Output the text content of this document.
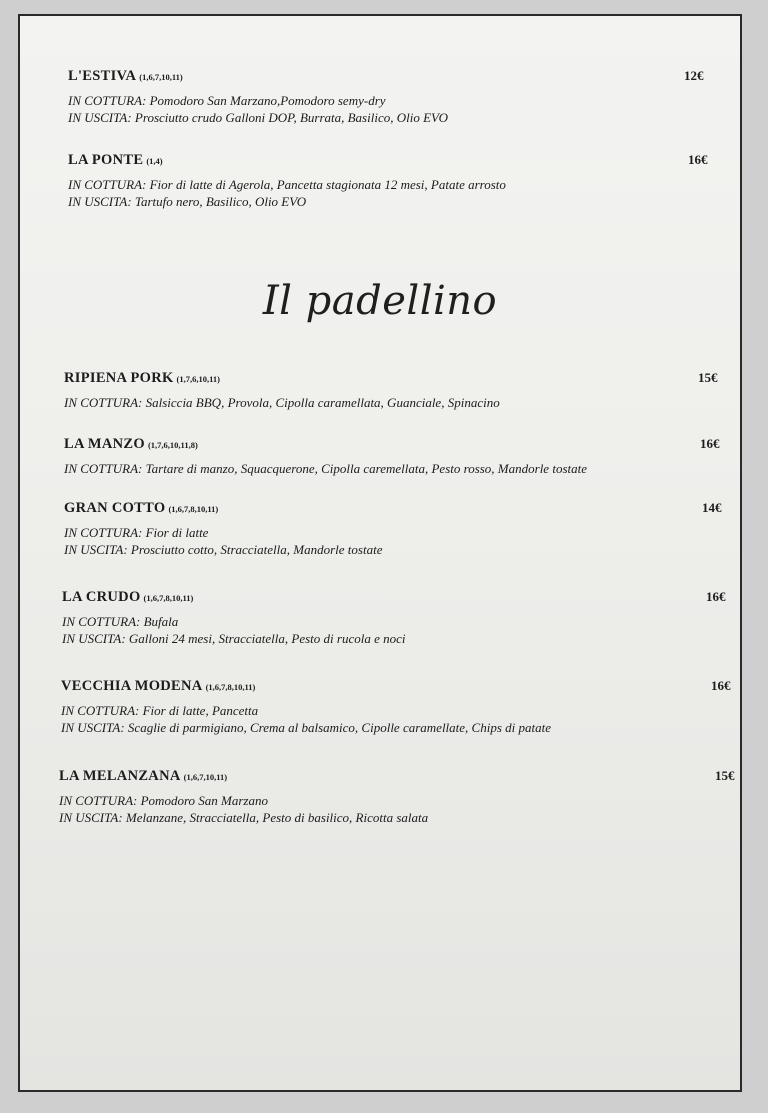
L'ESTIVA (1,6,7,10,11)	12€
IN COTTURA: Pomodoro San Marzano,Pomodoro semy-dry
IN USCITA: Prosciutto crudo Galloni DOP, Burrata, Basilico, Olio EVO
LA PONTE (1,4)	16€
IN COTTURA: Fior di latte di Agerola, Pancetta stagionata 12 mesi, Patate arrosto
IN USCITA: Tartufo nero, Basilico, Olio EVO
Il padellino
RIPIENA PORK (1,7,6,10,11)	15€
IN COTTURA: Salsiccia BBQ, Provola, Cipolla caramellata, Guanciale, Spinacino
LA MANZO (1,7,6,10,11,8)	16€
IN COTTURA: Tartare di manzo, Squacquerone, Cipolla caremellata, Pesto rosso, Mandorle tostate
GRAN COTTO (1,6,7,8,10,11)	14€
IN COTTURA: Fior di latte
IN USCITA: Prosciutto cotto, Stracciatella, Mandorle tostate
LA CRUDO (1,6,7,8,10,11)	16€
IN COTTURA: Bufala
IN USCITA: Galloni 24 mesi, Stracciatella, Pesto di rucola e noci
VECCHIA MODENA (1,6,7,8,10,11)	16€
IN COTTURA: Fior di latte, Pancetta
IN USCITA: Scaglie di parmigiano, Crema al balsamico, Cipolle caramellate, Chips di patate
LA MELANZANA (1,6,7,10,11)	15€
IN COTTURA: Pomodoro San Marzano
IN USCITA: Melanzane, Stracciatella, Pesto di basilico, Ricotta salata
